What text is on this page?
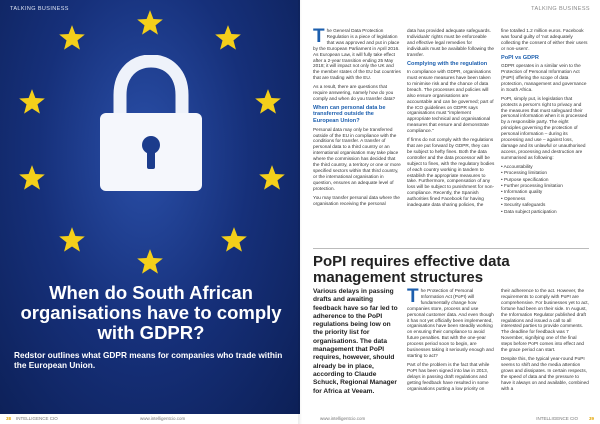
TALKING BUSINESS
When do South African organisations have to comply with GDPR?
Redstor outlines what GDPR means for companies who trade within the European Union.
38 INTELLIGENCE CIO	www.intelligentcio.com
TALKING BUSINESS

The General Data Protection Regulation is a piece of legislation that was approved and put in place by the European Parliament in April 2016. As European Law, it will fully take effect after a 2-year transition ending 25 May 2018; it will impact not only the UK and the member states of the EU but countries that are trading with the EU.

As a result, there are questions that require answering, namely how do you comply and when do you transfer data?

When can personal data be transferred outside the European Union?

Personal data may only be transferred outside of the EU in compliance with the conditions for transfer. A transfer of personal data to a third country or an international organisation may take place where the commission has decided that the third country, a territory or one or more specified sectors within that third country, or the international organisation in question, ensures an adequate level of protection.

You may transfer personal data where the organisation receiving the personal

data has provided adequate safeguards. Individuals' rights must be enforceable and effective legal remedies for individuals must be available following the transfer.

Complying with the regulation

In compliance with GDPR, organisations must ensure measures have been taken to minimise risk and the chance of data breach. The processes and policies will also ensure organisations are accountable and can be governed; part of the ICO guidelines on GDPR says organisations must "implement appropriate technical and organisational measures that ensure and demonstrate compliance."

If firms do not comply with the regulations that are put forward by GDPR, they can be subject to hefty fines. Both the data controller and the data processor will be subject to fines, with the regulatory bodies of each country working in tandem to establish the appropriate measures to take. Furthermore, compensation of any loss will be subject to punishment for non-compliance. Recently, the Spanish authorities fined Facebook for having inadequate data sharing policies, the

fine totalled 1.2 million euros. Facebook was found guilty of 'not adequately collecting the consent of either their users or non-users'.

PoPI vs GDPR

GDPR operates in a similar vein to the Protection of Personal Information Act (PoPI) offering the scope of data protection, management and governance in South Africa.

PoPI, simply put, is legislation that protects a person's right to privacy and the measures that must safeguard their personal information when it is processed by a responsible party. The eight principles governing the protection of personal information – during its processing and use – against loss, damage and its unlawful or unauthorised access, processing and destruction are summarised as following:

• Accountability
• Processing limitation
• Purpose specification
• Further processing limitation
• Information quality
• Openness
• Security safeguards
• Data subject participation
PoPI requires effective data management structures
Various delays in passing drafts and awaiting feedback have so far led to adherence to the PoPI regulations being low on the priority list for organisations. The data management that PoPI requires, however, should already be in place, according to Claude Schuck, Regional Manager for Africa at Veeam.

The Protection of Personal Information Act (PoPI) will fundamentally change how companies store, process and use personal customer data. And even though it has not yet officially been implemented, organisations have been steadily working on ensuring their compliance to avoid future penalties. But with the one-year process period soon to begin, are businesses taking it seriously enough and starting to act?

Part of the problem is the fact that while PoPI has been signed into law in 2013, delays in passing draft regulations and getting feedback have resulted in some organisations putting a low priority on

their adherence to the act. However, the requirements to comply with PoPI are comprehensive. For businesses yet to act, fortune had been on their side. In August, the Information Regulator published draft regulations and issued a call to all interested parties to provide comments. The deadline for feedback was 7 November, signifying one of the final steps before PoPI comes into effect and the grace period can start.

Despite this, the typical year-round PoPI seems to shift and the media attention grows and dissipates. In certain respects, the speed of data and the pressure to have it always on and available, combined with a

www.intelligentcio.com	INTELLIGENCE CIO 39
